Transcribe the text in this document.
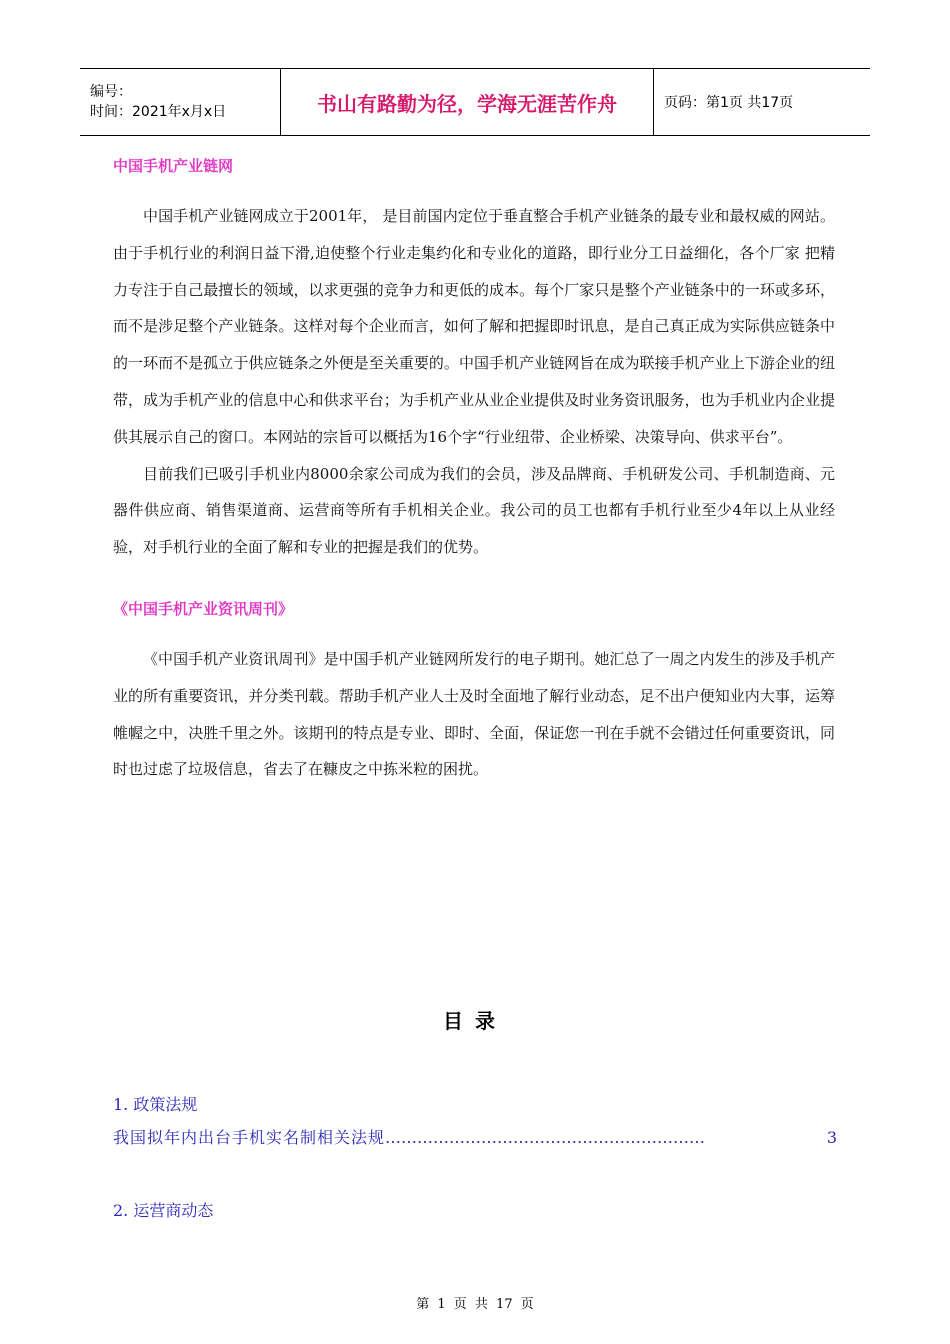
编号：
时间：2021年x月x日	书山有路勤为径，学海无涯苦作舟	页码：第1页 共17页
中国手机产业链网

中国手机产业链网成立于2001年， 是目前国内定位于垂直整合手机产业链条的最专业和最权威的网站。由于手机行业的利润日益下滑,迫使整个行业走集约化和专业化的道路，即行业分工日益细化，各个厂家 把精力专注于自己最擅长的领域，以求更强的竞争力和更低的成本。每个厂家只是整个产业链条中的一环或多环，而不是涉足整个产业链条。这样对每个企业而言，如何了解和把握即时讯息，是自己真正成为实际供应链条中的一环而不是孤立于供应链条之外便是至关重要的。中国手机产业链网旨在成为联接手机产业上下游企业的纽带，成为手机产业的信息中心和供求平台；为手机产业从业企业提供及时业务资讯服务，也为手机业内企业提供其展示自己的窗口。本网站的宗旨可以概括为16个字“行业纽带、企业桥梁、决策导向、供求平台”。

目前我们已吸引手机业内8000余家公司成为我们的会员，涉及品牌商、手机研发公司、手机制造商、元器件供应商、销售渠道商、运营商等所有手机相关企业。我公司的员工也都有手机行业至少4年以上从业经验，对手机行业的全面了解和专业的把握是我们的优势。

《中国手机产业资讯周刊》

《中国手机产业资讯周刊》是中国手机产业链网所发行的电子期刊。她汇总了一周之内发生的涉及手机产业的所有重要资讯，并分类刊载。帮助手机产业人士及时全面地了解行业动态，足不出户便知业内大事，运筹帷幄之中，决胜千里之外。该期刊的特点是专业、即时、全面，保证您一刊在手就不会错过任何重要资讯，同时也过虑了垃圾信息，省去了在糠皮之中拣米粒的困扰。

目录
1. 政策法规
我国拟年内出台手机实名制相关法规 ……………………………………………………	3
2. 运营商动态
第 1 页 共 17 页
